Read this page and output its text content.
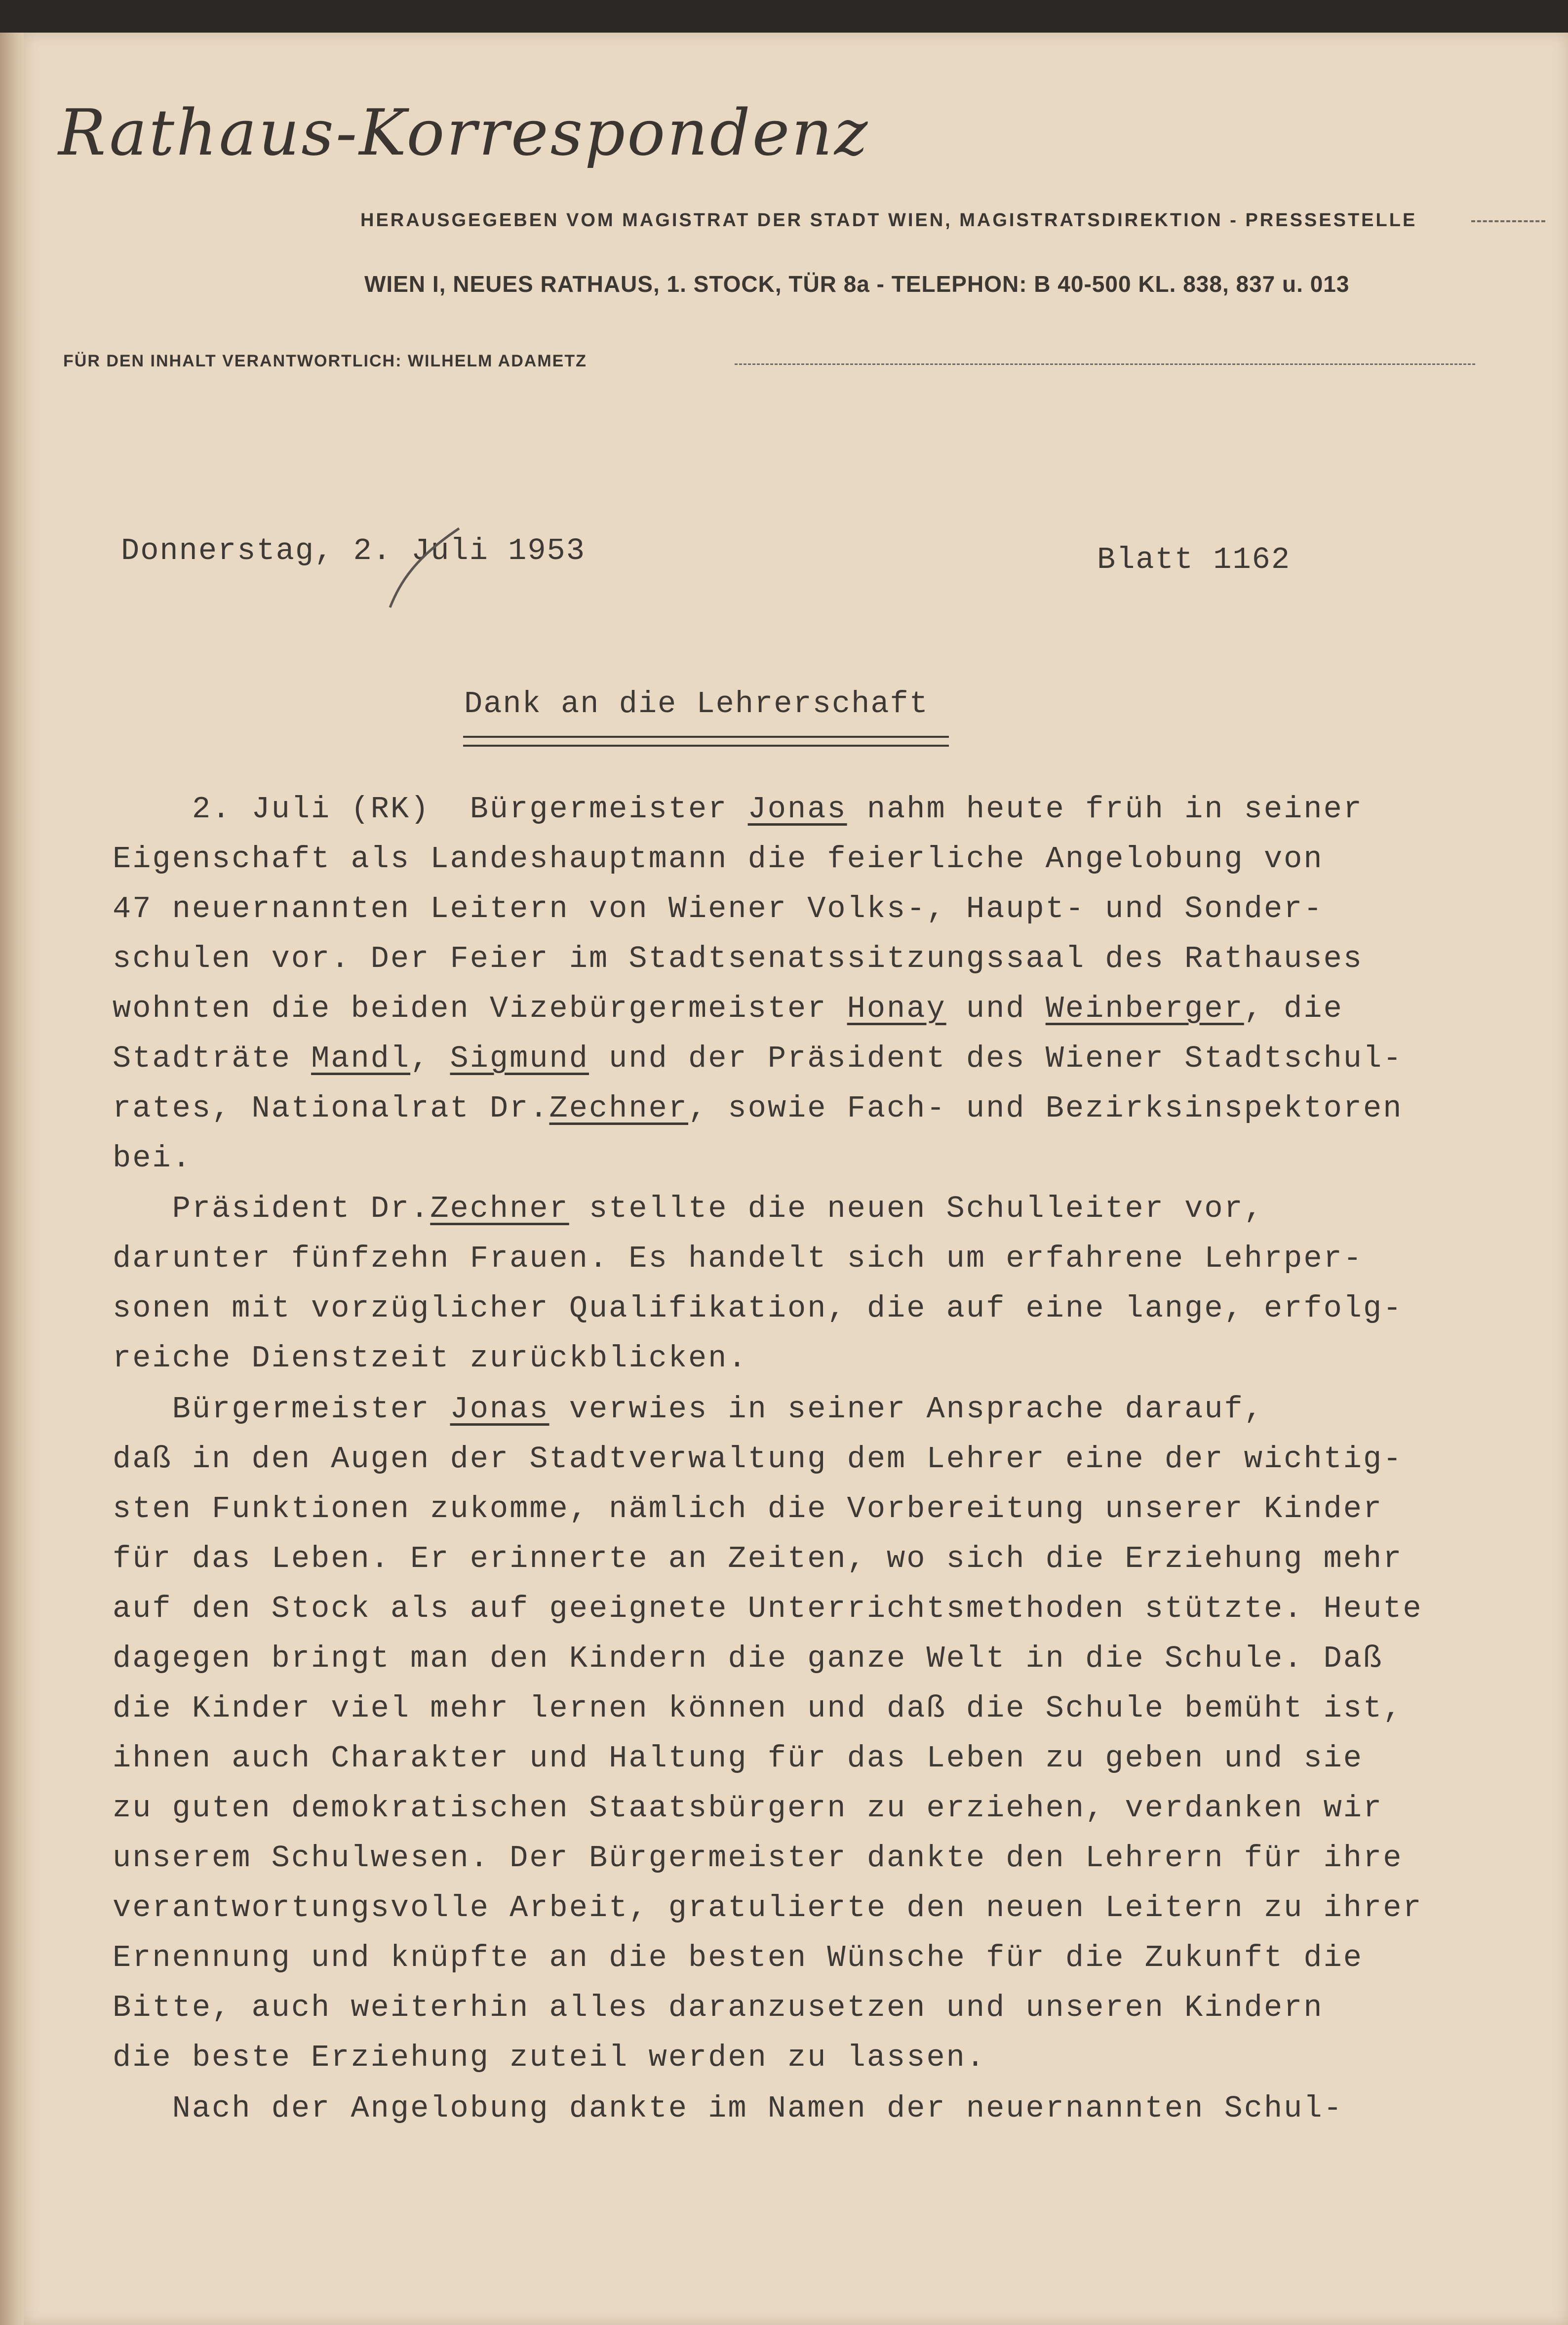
Rathaus-Korrespondenz
HERAUSGEGEBEN VOM MAGISTRAT DER STADT WIEN, MAGISTRATSDIREKTION - PRESSESTELLE
WIEN I, NEUES RATHAUS, 1. STOCK, TÜR 8a - TELEPHON: B 40-500 KL. 838, 837 u. 013
FÜR DEN INHALT VERANTWORTLICH: WILHELM ADAMETZ
Donnerstag, 2. Juli 1953	Blatt 1162
Dank an die Lehrerschaft
2. Juli (RK)  Bürgermeister Jonas nahm heute früh in seiner
Eigenschaft als Landeshauptmann die feierliche Angelobung von
47 neuernannten Leitern von Wiener Volks-, Haupt- und Sonder-
schulen vor. Der Feier im Stadtsenatssitzungssaal des Rathauses
wohnten die beiden Vizebürgermeister Honay und Weinberger, die
Stadträte Mandl, Sigmund und der Präsident des Wiener Stadtschul-
rates, Nationalrat Dr.Zechner, sowie Fach- und Bezirksinspektoren
bei.
Präsident Dr.Zechner stellte die neuen Schulleiter vor,
darunter fünfzehn Frauen. Es handelt sich um erfahrene Lehrper-
sonen mit vorzüglicher Qualifikation, die auf eine lange, erfolg-
reiche Dienstzeit zurückblicken.
Bürgermeister Jonas verwies in seiner Ansprache darauf,
daß in den Augen der Stadtverwaltung dem Lehrer eine der wichtig-
sten Funktionen zukomme, nämlich die Vorbereitung unserer Kinder
für das Leben. Er erinnerte an Zeiten, wo sich die Erziehung mehr
auf den Stock als auf geeignete Unterrichtsmethoden stützte. Heute
dagegen bringt man den Kindern die ganze Welt in die Schule. Daß
die Kinder viel mehr lernen können und daß die Schule bemüht ist,
ihnen auch Charakter und Haltung für das Leben zu geben und sie
zu guten demokratischen Staatsbürgern zu erziehen, verdanken wir
unserem Schulwesen. Der Bürgermeister dankte den Lehrern für ihre
verantwortungsvolle Arbeit, gratulierte den neuen Leitern zu ihrer
Ernennung und knüpfte an die besten Wünsche für die Zukunft die
Bitte, auch weiterhin alles daranzusetzen und unseren Kindern
die beste Erziehung zuteil werden zu lassen.
Nach der Angelobung dankte im Namen der neuernannten Schul-
